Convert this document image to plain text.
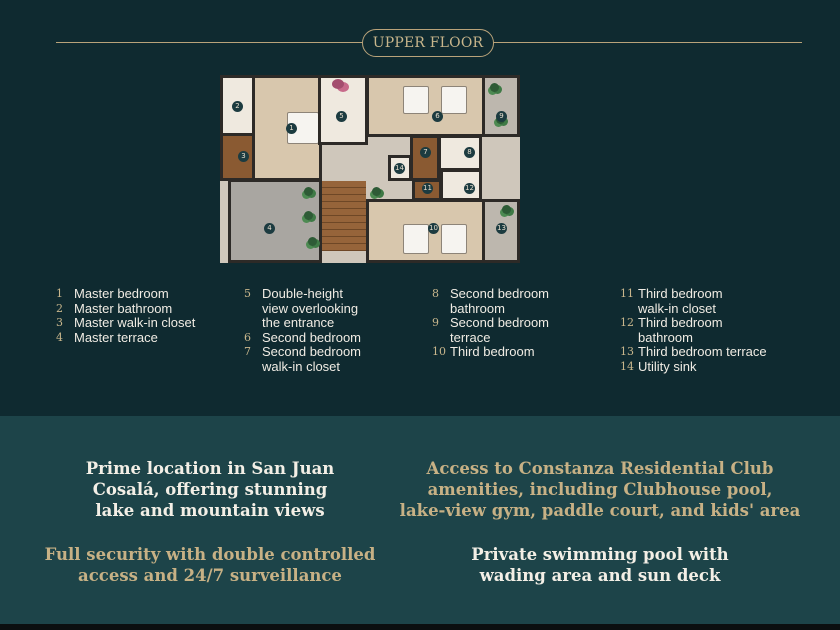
UPPER FLOOR
1
2
3
4
5	6
7	8
9
10
11	12
13
14
1 Master bedroom
2 Master bathroom
3 Master walk-in closet
4 Master terrace
5 Double-height
view overlooking
the entrance
6 Second bedroom
7 Second bedroom
walk-in closet
8 Second bedroom
bathroom
9 Second bedroom
terrace
10 Third bedroom
11 Third bedroom
walk-in closet
12 Third bedroom
bathroom
13 Third bedroom terrace
14 Utility sink
Prime location in San Juan
Cosalá, offering stunning
lake and mountain views
Access to Constanza Residential Club
amenities, including Clubhouse pool,
lake-view gym, paddle court, and kids' area
Full security with double controlled
access and 24/7 surveillance
Private swimming pool with
wading area and sun deck
